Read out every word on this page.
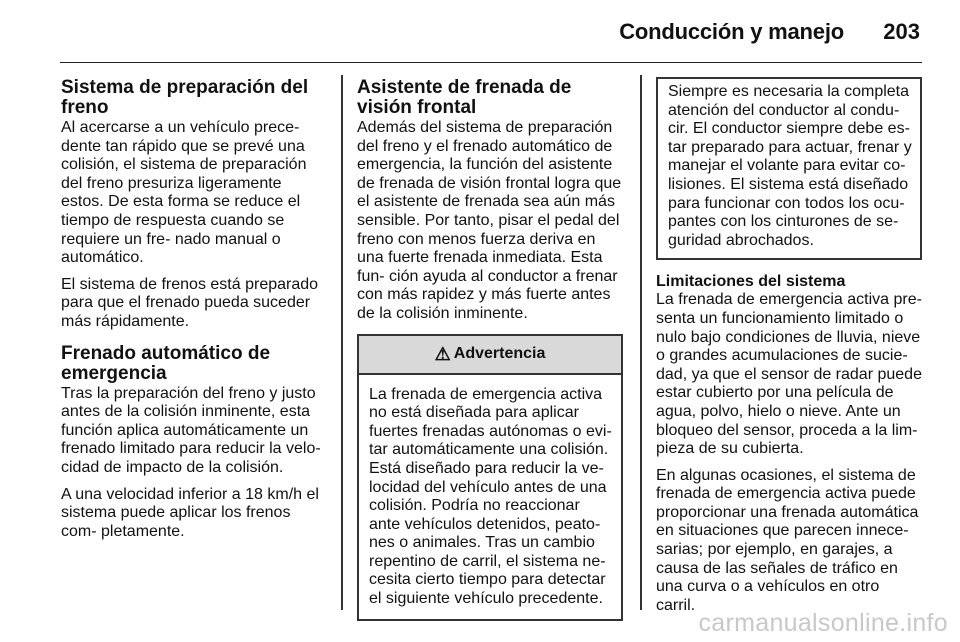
Conducción y manejo 203
Sistema de preparación del freno

Al acercarse a un vehículo prece- dente tan rápido que se prevé una colisión, el sistema de preparación del freno presuriza ligeramente estos. De esta forma se reduce el tiempo de respuesta cuando se requiere un fre- nado manual o automático.

El sistema de frenos está preparado para que el frenado pueda suceder más rápidamente.

Frenado automático de emergencia

Tras la preparación del freno y justo antes de la colisión inminente, esta función aplica automáticamente un frenado limitado para reducir la velo- cidad de impacto de la colisión.

A una velocidad inferior a 18 km/h el sistema puede aplicar los frenos com- pletamente.

Asistente de frenada de visión frontal

Además del sistema de preparación del freno y el frenado automático de emergencia, la función del asistente de frenada de visión frontal logra que el asistente de frenada sea aún más sensible. Por tanto, pisar el pedal del freno con menos fuerza deriva en una fuerte frenada inmediata. Esta fun- ción ayuda al conductor a frenar con más rapidez y más fuerte antes de la colisión inminente.

⚠ Advertencia

La frenada de emergencia activa no está diseñada para aplicar fuertes frenadas autónomas o evi- tar automáticamente una colisión. Está diseñado para reducir la ve- locidad del vehículo antes de una colisión. Podría no reaccionar ante vehículos detenidos, peato- nes o animales. Tras un cambio repentino de carril, el sistema ne- cesita cierto tiempo para detectar el siguiente vehículo precedente.

Siempre es necesaria la completa atención del conductor al condu- cir. El conductor siempre debe es- tar preparado para actuar, frenar y manejar el volante para evitar co- lisiones. El sistema está diseñado para funcionar con todos los ocu- pantes con los cinturones de se- guridad abrochados.

Limitaciones del sistema

La frenada de emergencia activa pre- senta un funcionamiento limitado o nulo bajo condiciones de lluvia, nieve o grandes acumulaciones de sucie- dad, ya que el sensor de radar puede estar cubierto por una película de agua, polvo, hielo o nieve. Ante un bloqueo del sensor, proceda a la lim- pieza de su cubierta.

En algunas ocasiones, el sistema de frenada de emergencia activa puede proporcionar una frenada automática en situaciones que parecen innece- sarias; por ejemplo, en garajes, a causa de las señales de tráfico en una curva o a vehículos en otro carril.

carmanualsonline.info
